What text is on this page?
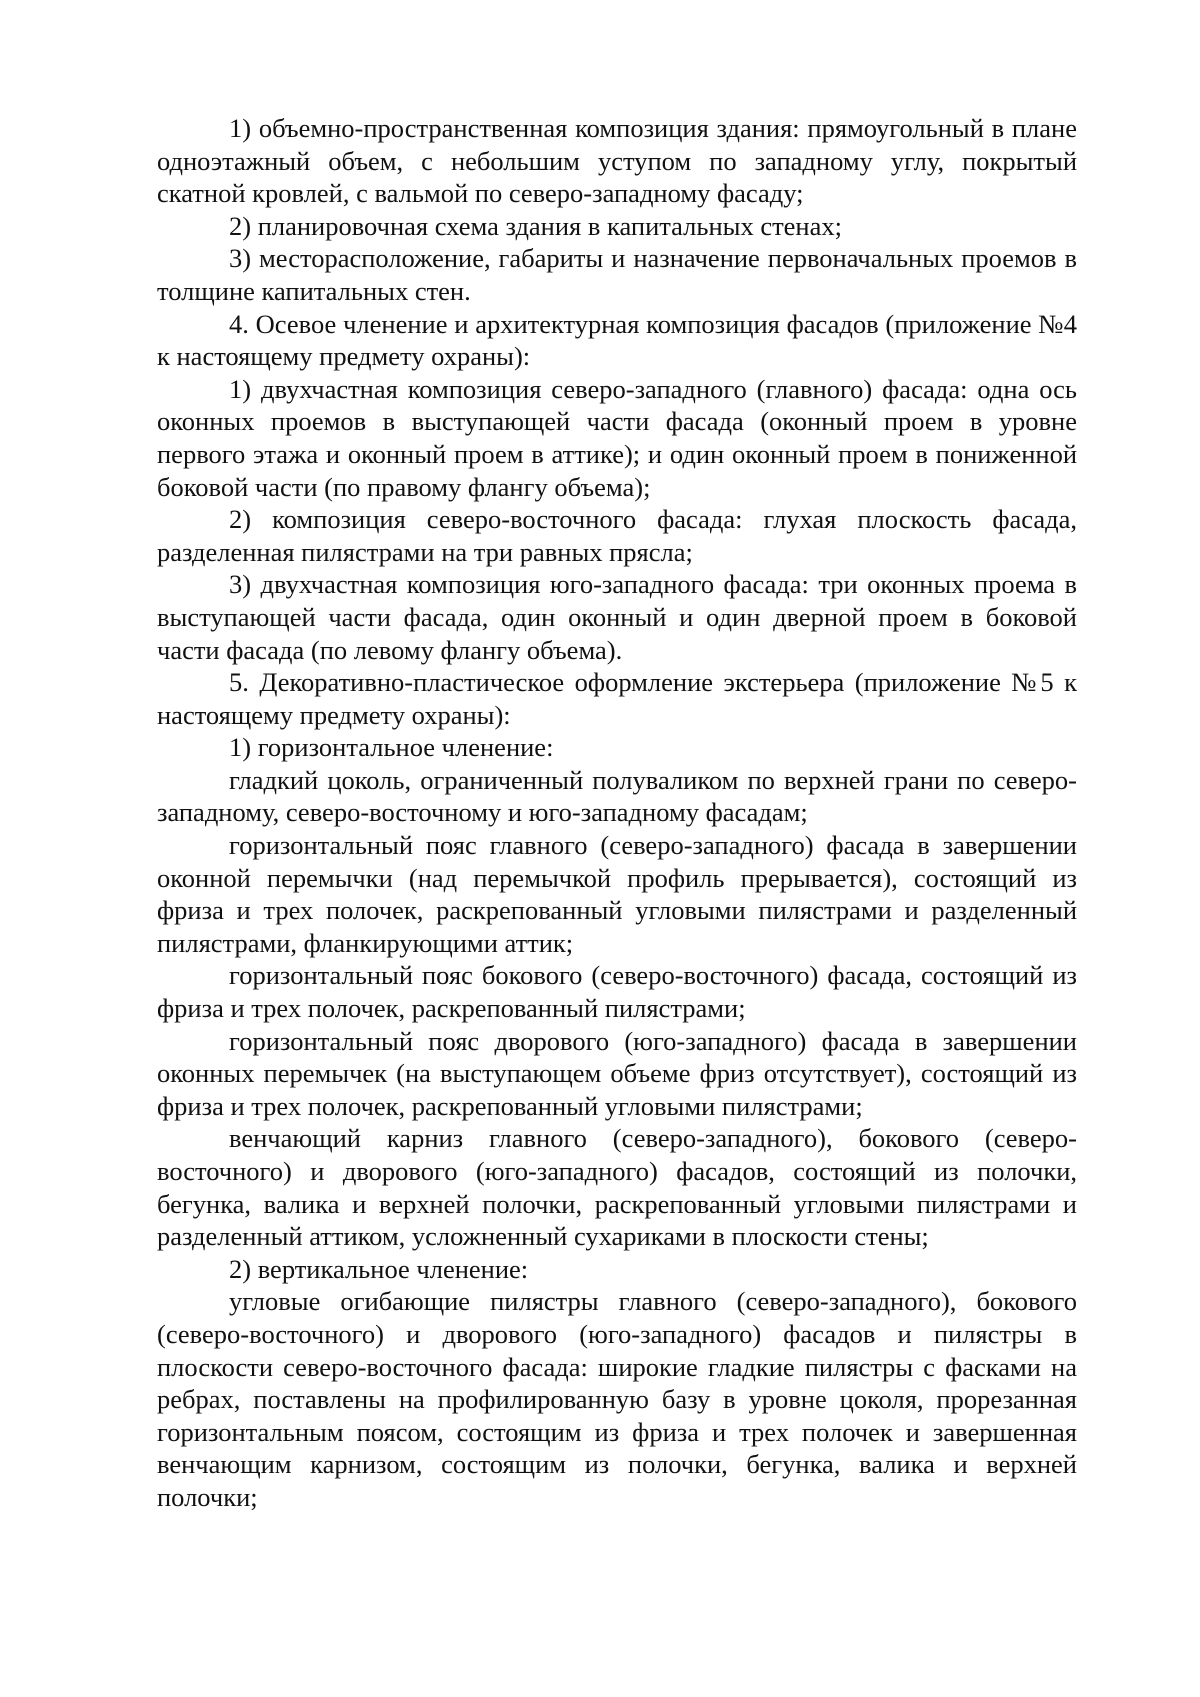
1) объемно-пространственная композиция здания: прямоугольный в плане одноэтажный объем, с небольшим уступом по западному углу, покрытый скатной кровлей, с вальмой по северо-западному фасаду;

2) планировочная схема здания в капитальных стенах;

3) месторасположение, габариты и назначение первоначальных проемов в толщине капитальных стен.

4. Осевое членение и архитектурная композиция фасадов (приложение №4 к настоящему предмету охраны):

1) двухчастная композиция северо-западного (главного) фасада: одна ось оконных проемов в выступающей части фасада (оконный проем в уровне первого этажа и оконный проем в аттике); и один оконный проем в пониженной боковой части (по правому флангу объема);

2) композиция северо-восточного фасада: глухая плоскость фасада, разделенная пилястрами на три равных прясла;

3) двухчастная композиция юго-западного фасада: три оконных проема в выступающей части фасада, один оконный и один дверной проем в боковой части фасада (по левому флангу объема).

5. Декоративно-пластическое оформление экстерьера (приложение №5 к настоящему предмету охраны):

1) горизонтальное членение:

гладкий цоколь, ограниченный полуваликом по верхней грани по северо-западному, северо-восточному и юго-западному фасадам;

горизонтальный пояс главного (северо-западного) фасада в завершении оконной перемычки (над перемычкой профиль прерывается), состоящий из фриза и трех полочек, раскрепованный угловыми пилястрами и разделенный пилястрами, фланкирующими аттик;

горизонтальный пояс бокового (северо-восточного) фасада, состоящий из фриза и трех полочек, раскрепованный пилястрами;

горизонтальный пояс дворового (юго-западного) фасада в завершении оконных перемычек (на выступающем объеме фриз отсутствует), состоящий из фриза и трех полочек, раскрепованный угловыми пилястрами;

венчающий карниз главного (северо-западного), бокового (северо-восточного) и дворового (юго-западного) фасадов, состоящий из полочки, бегунка, валика и верхней полочки, раскрепованный угловыми пилястрами и разделенный аттиком, усложненный сухариками в плоскости стены;

2) вертикальное членение:

угловые огибающие пилястры главного (северо-западного), бокового (северо-восточного) и дворового (юго-западного) фасадов и пилястры в плоскости северо-восточного фасада: широкие гладкие пилястры с фасками на ребрах, поставлены на профилированную базу в уровне цоколя, прорезанная горизонтальным поясом, состоящим из фриза и трех полочек и завершенная венчающим карнизом, состоящим из полочки, бегунка, валика и верхней полочки;
